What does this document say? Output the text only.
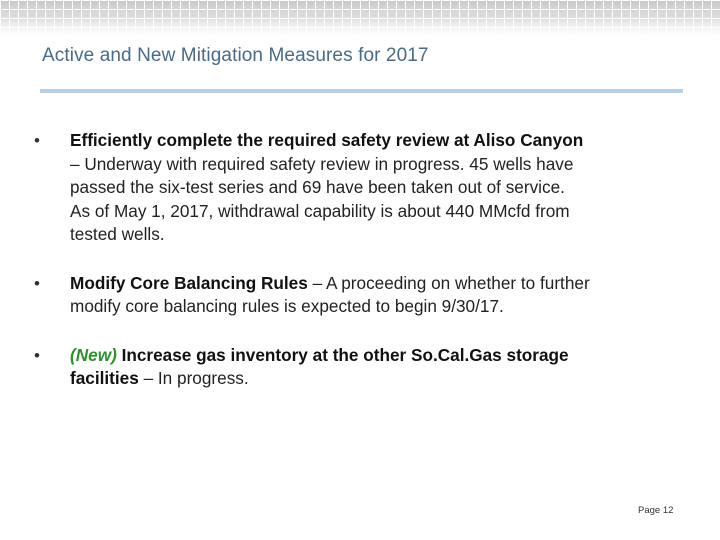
Active and New Mitigation Measures for 2017
•	Efficiently complete the required safety review at Aliso Canyon
– Underway with required safety review in progress. 45 wells have
passed the six-test series and 69 have been taken out of service.
As of May 1, 2017, withdrawal capability is about 440 MMcfd from
tested wells.
•	Modify Core Balancing Rules – A proceeding on whether to further
modify core balancing rules is expected to begin 9/30/17.
•	(New) Increase gas inventory at the other So.Cal.Gas storage
facilities – In progress.
Page 12
